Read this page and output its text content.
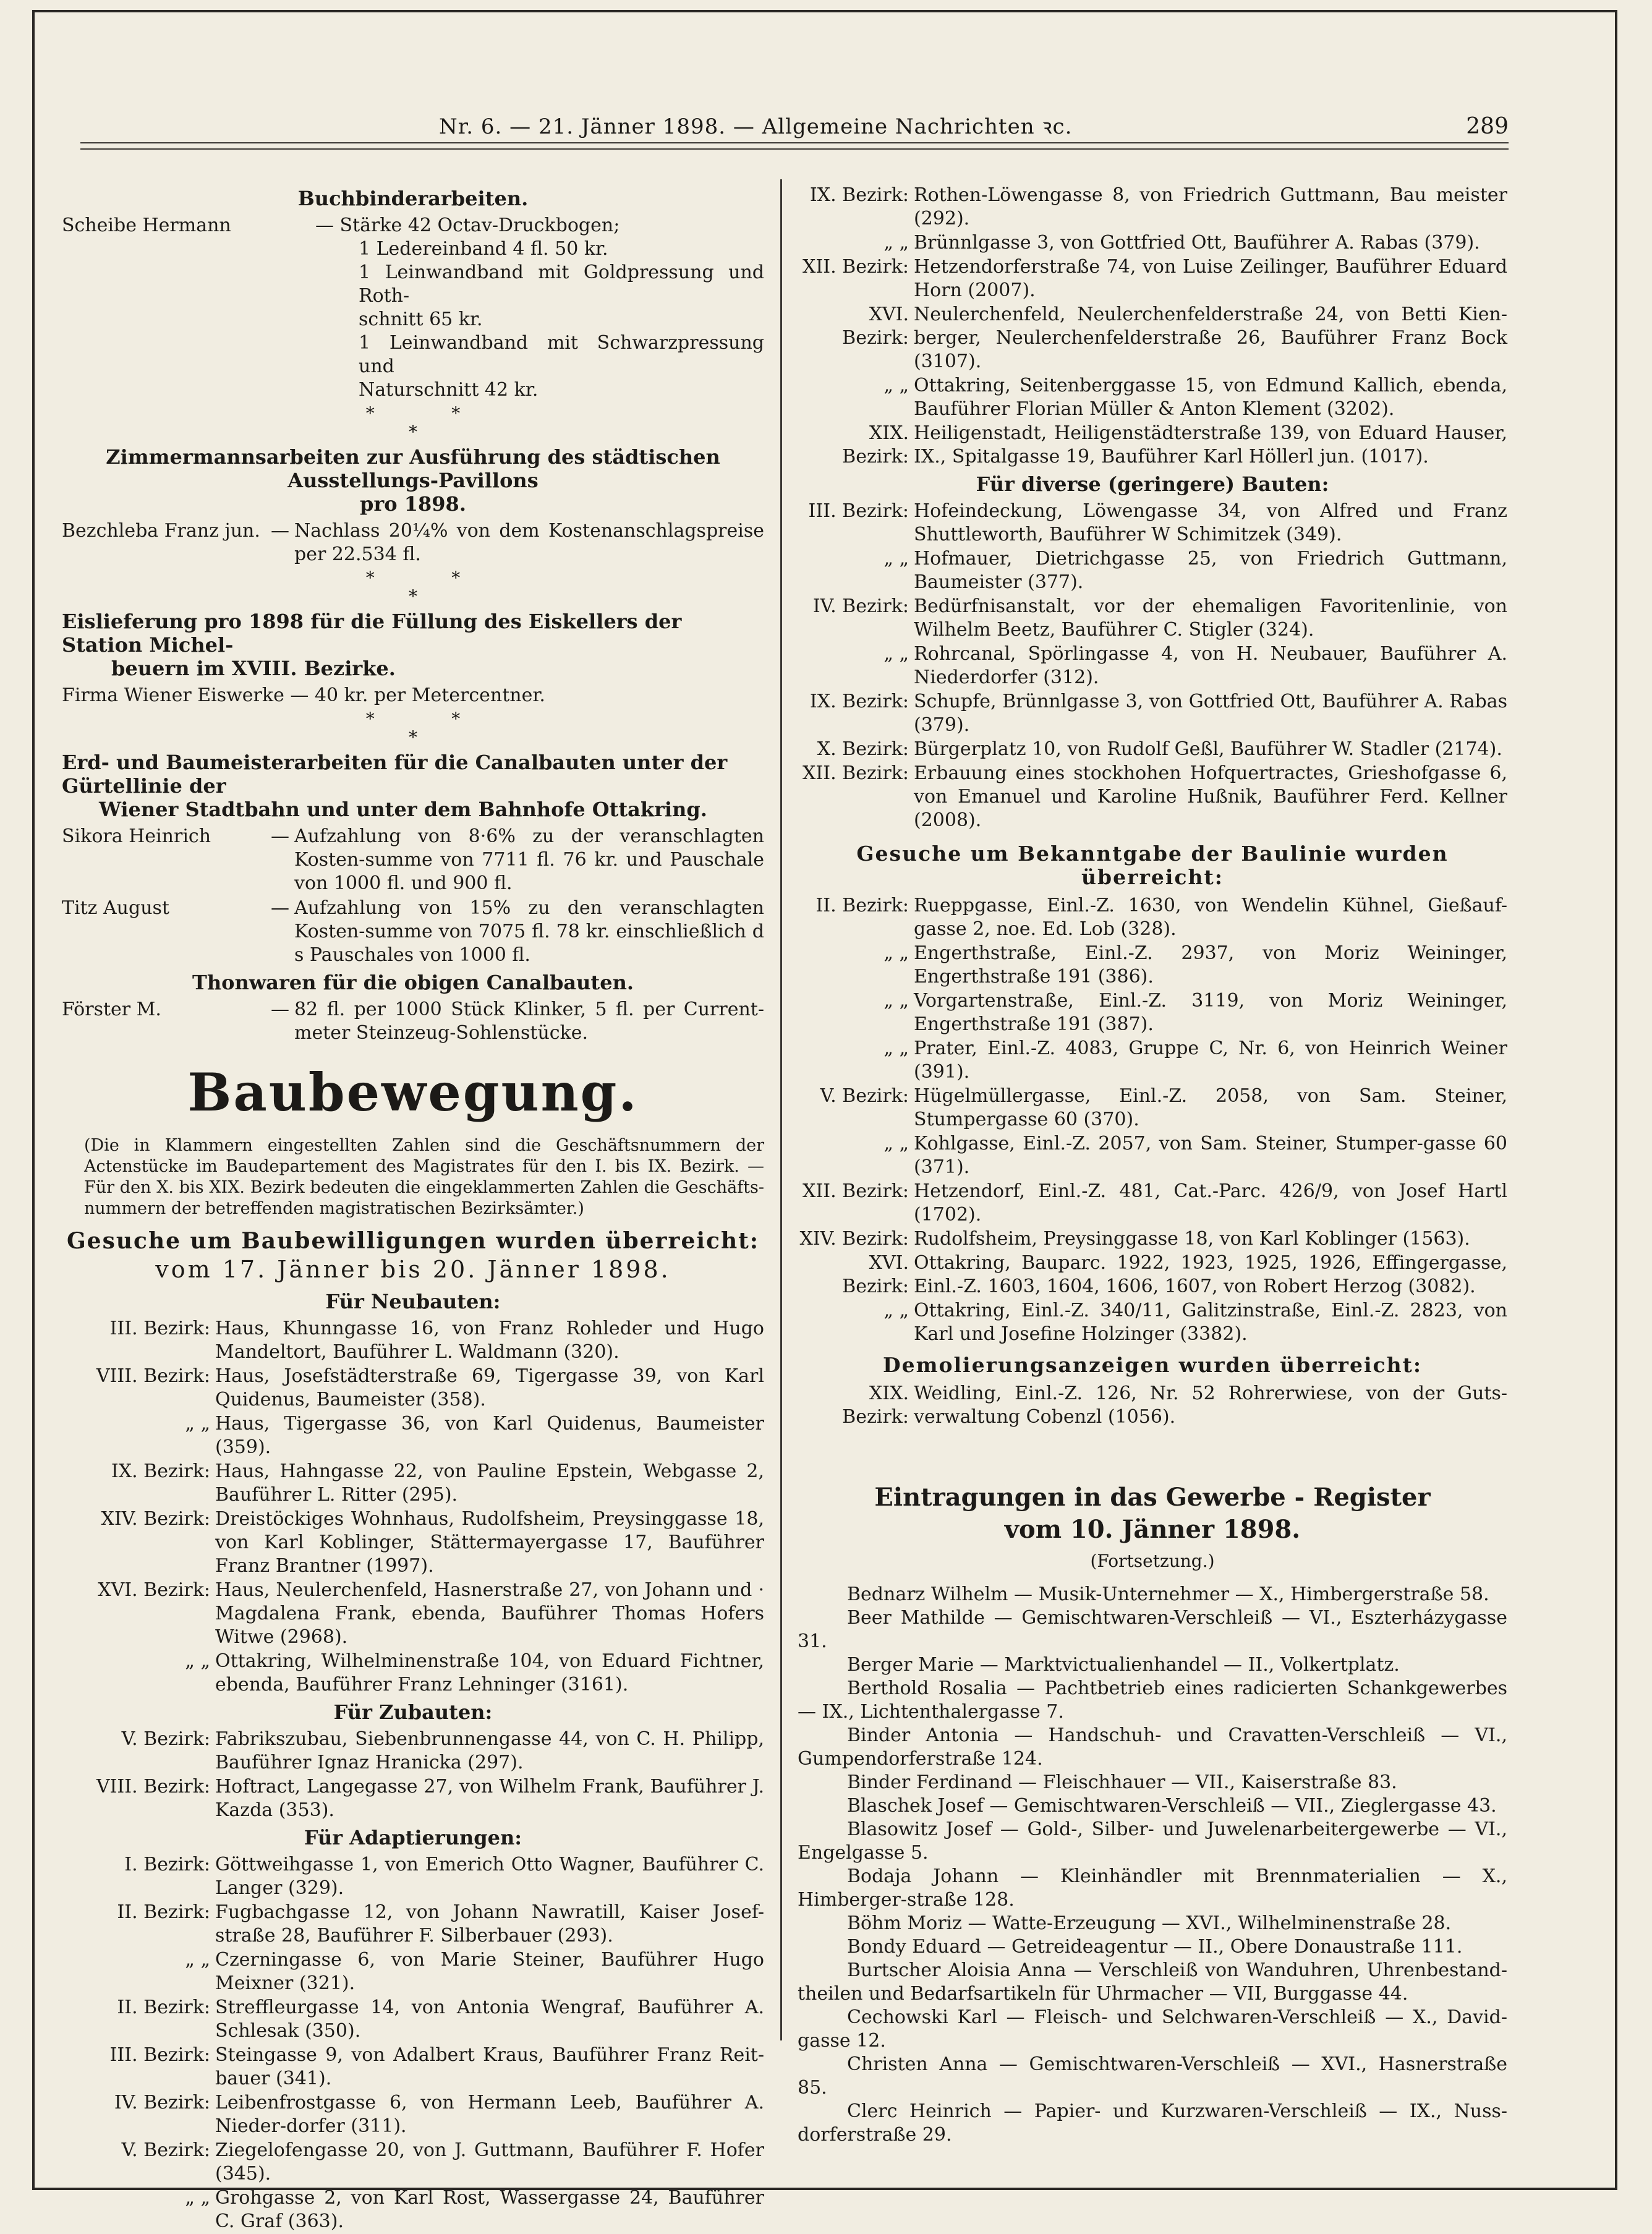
Nr. 6. — 21. Jänner 1898. — Allgemeine Nachrichten ꝛc.	289
Buchbinderarbeiten.
Scheibe Hermann	— Stärke 42 Octav-Druckbogen;
1 Ledereinband 4 fl. 50 kr.
1 Leinwandband mit Goldpressung und Roth-
schnitt 65 kr.
1 Leinwandband mit Schwarzpressung und
Naturschnitt 42 kr.
*              *
*
Zimmermannsarbeiten zur Ausführung des städtischen Ausstellungs-Pavillons
pro 1898.
Bezchleba Franz jun. — Nachlass 20¼% von dem Kostenanschlagspreise per 22.534 fl.
*              *
*
Eislieferung pro 1898 für die Füllung des Eiskellers der Station Michel-
beuern im XVIII. Bezirke.
Firma Wiener Eiswerke — 40 kr. per Metercentner.
*              *
*
Erd- und Baumeisterarbeiten für die Canalbauten unter der Gürtellinie der
Wiener Stadtbahn und unter dem Bahnhofe Ottakring.
Sikora Heinrich	— Aufzahlung von 8·6% zu der veranschlagten Kosten-summe von 7711 fl. 76 kr. und Pauschale von 1000 fl. und 900 fl.
Titz August	— Aufzahlung von 15% zu den veranschlagten Kosten-summe von 7075 fl. 78 kr. einschließlich d s Pauschales von 1000 fl.
Thonwaren für die obigen Canalbauten.
Förster M.	— 82 fl. per 1000 Stück Klinker, 5 fl. per Current-meter Steinzeug-Sohlenstücke.
Baubewegung.
(Die in Klammern eingestellten Zahlen sind die Geschäftsnummern der Actenstücke im Baudepartement des Magistrates für den I. bis IX. Bezirk. — Für den X. bis XIX. Bezirk bedeuten die eingeklammerten Zahlen die Geschäfts-nummern der betreffenden magistratischen Bezirksämter.)
Gesuche um Baubewilligungen wurden überreicht:
vom 17. Jänner bis 20. Jänner 1898.
Für Neubauten:
III. Bezirk: Haus, Khunngasse 16, von Franz Rohleder und Hugo Mandeltort, Bauführer L. Waldmann (320).
VIII. Bezirk: Haus, Josefstädterstraße 69, Tigergasse 39, von Karl Quidenus, Baumeister (358).
„ „ Haus, Tigergasse 36, von Karl Quidenus, Baumeister (359).
IX. Bezirk: Haus, Hahngasse 22, von Pauline Epstein, Webgasse 2, Bauführer L. Ritter (295).
XIV. Bezirk: Dreistöckiges Wohnhaus, Rudolfsheim, Preysinggasse 18, von Karl Koblinger, Stättermayergasse 17, Bauführer Franz Brantner (1997).
XVI. Bezirk: Haus, Neulerchenfeld, Hasnerstraße 27, von Johann und · Magdalena Frank, ebenda, Bauführer Thomas Hofers Witwe (2968).
„ „ Ottakring, Wilhelminenstraße 104, von Eduard Fichtner, ebenda, Bauführer Franz Lehninger (3161).
Für Zubauten:
V. Bezirk: Fabrikszubau, Siebenbrunnengasse 44, von C. H. Philipp, Bauführer Ignaz Hranicka (297).
VIII. Bezirk: Hoftract, Langegasse 27, von Wilhelm Frank, Bauführer J. Kazda (353).
Für Adaptierungen:
I. Bezirk: Göttweihgasse 1, von Emerich Otto Wagner, Bauführer C. Langer (329).
II. Bezirk: Fugbachgasse 12, von Johann Nawratill, Kaiser Josef-straße 28, Bauführer F. Silberbauer (293).
„ „ Czerningasse 6, von Marie Steiner, Bauführer Hugo Meixner (321).
II. Bezirk: Streffleurgasse 14, von Antonia Wengraf, Bauführer A. Schlesak (350).
III. Bezirk: Steingasse 9, von Adalbert Kraus, Bauführer Franz Reit-bauer (341).
IV. Bezirk: Leibenfrostgasse 6, von Hermann Leeb, Bauführer A. Nieder-dorfer (311).
V. Bezirk: Ziegelofengasse 20, von J. Guttmann, Bauführer F. Hofer (345).
„ „ Grohgasse 2, von Karl Rost, Wassergasse 24, Bauführer C. Graf (363).
IX. Bezirk: Rothen-Löwengasse 8, von Friedrich Guttmann, Bau meister (292).
„ „ Brünnlgasse 3, von Gottfried Ott, Bauführer A. Rabas (379).
XII. Bezirk: Hetzendorferstraße 74, von Luise Zeilinger, Bauführer Eduard Horn (2007).
XVI. Bezirk:
Neulerchenfeld, Neulerchenfelderstraße 24, von Betti Kien-berger, Neulerchenfelderstraße 26, Bauführer Franz Bock (3107).
„ „ Ottakring, Seitenberggasse 15, von Edmund Kallich, ebenda, Bauführer Florian Müller & Anton Klement (3202).
XIX. Bezirk:
Heiligenstadt, Heiligenstädterstraße 139, von Eduard Hauser, IX., Spitalgasse 19, Bauführer Karl Höllerl jun. (1017).
Für diverse (geringere) Bauten:
III. Bezirk: Hofeindeckung, Löwengasse 34, von Alfred und Franz Shuttleworth, Bauführer W Schimitzek (349).
„ „ Hofmauer, Dietrichgasse 25, von Friedrich Guttmann, Baumeister (377).
IV. Bezirk: Bedürfnisanstalt, vor der ehemaligen Favoritenlinie, von Wilhelm Beetz, Bauführer C. Stigler (324).
„ „ Rohrcanal, Spörlingasse 4, von H. Neubauer, Bauführer A. Niederdorfer (312).
IX. Bezirk: Schupfe, Brünnlgasse 3, von Gottfried Ott, Bauführer A. Rabas (379).
X. Bezirk: Bürgerplatz 10, von Rudolf Geßl, Bauführer W. Stadler (2174).
XII. Bezirk: Erbauung eines stockhohen Hofquertractes, Grieshofgasse 6, von Emanuel und Karoline Hußnik, Bauführer Ferd. Kellner (2008).
Gesuche um Bekanntgabe der Baulinie wurden überreicht:
II. Bezirk: Rueppgasse, Einl.-Z. 1630, von Wendelin Kühnel, Gießauf-gasse 2, noe. Ed. Lob (328).
„ „ Engerthstraße, Einl.-Z. 2937, von Moriz Weininger, Engerthstraße 191 (386).
„ „ Vorgartenstraße, Einl.-Z. 3119, von Moriz Weininger, Engerthstraße 191 (387).
„ „ Prater, Einl.-Z. 4083, Gruppe C, Nr. 6, von Heinrich Weiner (391).
V. Bezirk: Hügelmüllergasse, Einl.-Z. 2058, von Sam. Steiner, Stumpergasse 60 (370).
„ „ Kohlgasse, Einl.-Z. 2057, von Sam. Steiner, Stumper-gasse 60 (371).
XII. Bezirk: Hetzendorf, Einl.-Z. 481, Cat.-Parc. 426/9, von Josef Hartl (1702).
XIV. Bezirk: Rudolfsheim, Preysinggasse 18, von Karl Koblinger (1563).
XVI. Bezirk:
Ottakring, Bauparc. 1922, 1923, 1925, 1926, Effingergasse, Einl.-Z. 1603, 1604, 1606, 1607, von Robert Herzog (3082).
„ „ Ottakring, Einl.-Z. 340/11, Galitzinstraße, Einl.-Z. 2823, von Karl und Josefine Holzinger (3382).
Demolierungsanzeigen wurden überreicht:
XIX. Bezirk:
Weidling, Einl.-Z. 126, Nr. 52 Rohrerwiese, von der Guts-verwaltung Cobenzl (1056).
Eintragungen in das Gewerbe - Register
vom 10. Jänner 1898.
(Fortsetzung.)
Bednarz Wilhelm — Musik-Unternehmer — X., Himbergerstraße 58.
Beer Mathilde — Gemischtwaren-Verschleiß — VI., Eszterházygasse 31.
Berger Marie — Marktvictualienhandel — II., Volkertplatz.
Berthold Rosalia — Pachtbetrieb eines radicierten Schankgewerbes — IX., Lichtenthalergasse 7.
Binder Antonia — Handschuh- und Cravatten-Verschleiß — VI., Gumpendorferstraße 124.
Binder Ferdinand — Fleischhauer — VII., Kaiserstraße 83.
Blaschek Josef — Gemischtwaren-Verschleiß — VII., Zieglergasse 43.
Blasowitz Josef — Gold-, Silber- und Juwelenarbeitergewerbe — VI., Engelgasse 5.
Bodaja Johann — Kleinhändler mit Brennmaterialien — X., Himberger-straße 128.
Böhm Moriz — Watte-Erzeugung — XVI., Wilhelminenstraße 28.
Bondy Eduard — Getreideagentur — II., Obere Donaustraße 111.
Burtscher Aloisia Anna — Verschleiß von Wanduhren, Uhrenbestand-theilen und Bedarfsartikeln für Uhrmacher — VII, Burggasse 44.
Cechowski Karl — Fleisch- und Selchwaren-Verschleiß — X., David-gasse 12.
Christen Anna — Gemischtwaren-Verschleiß — XVI., Hasnerstraße 85.
Clerc Heinrich — Papier- und Kurzwaren-Verschleiß — IX., Nuss-dorferstraße 29.
